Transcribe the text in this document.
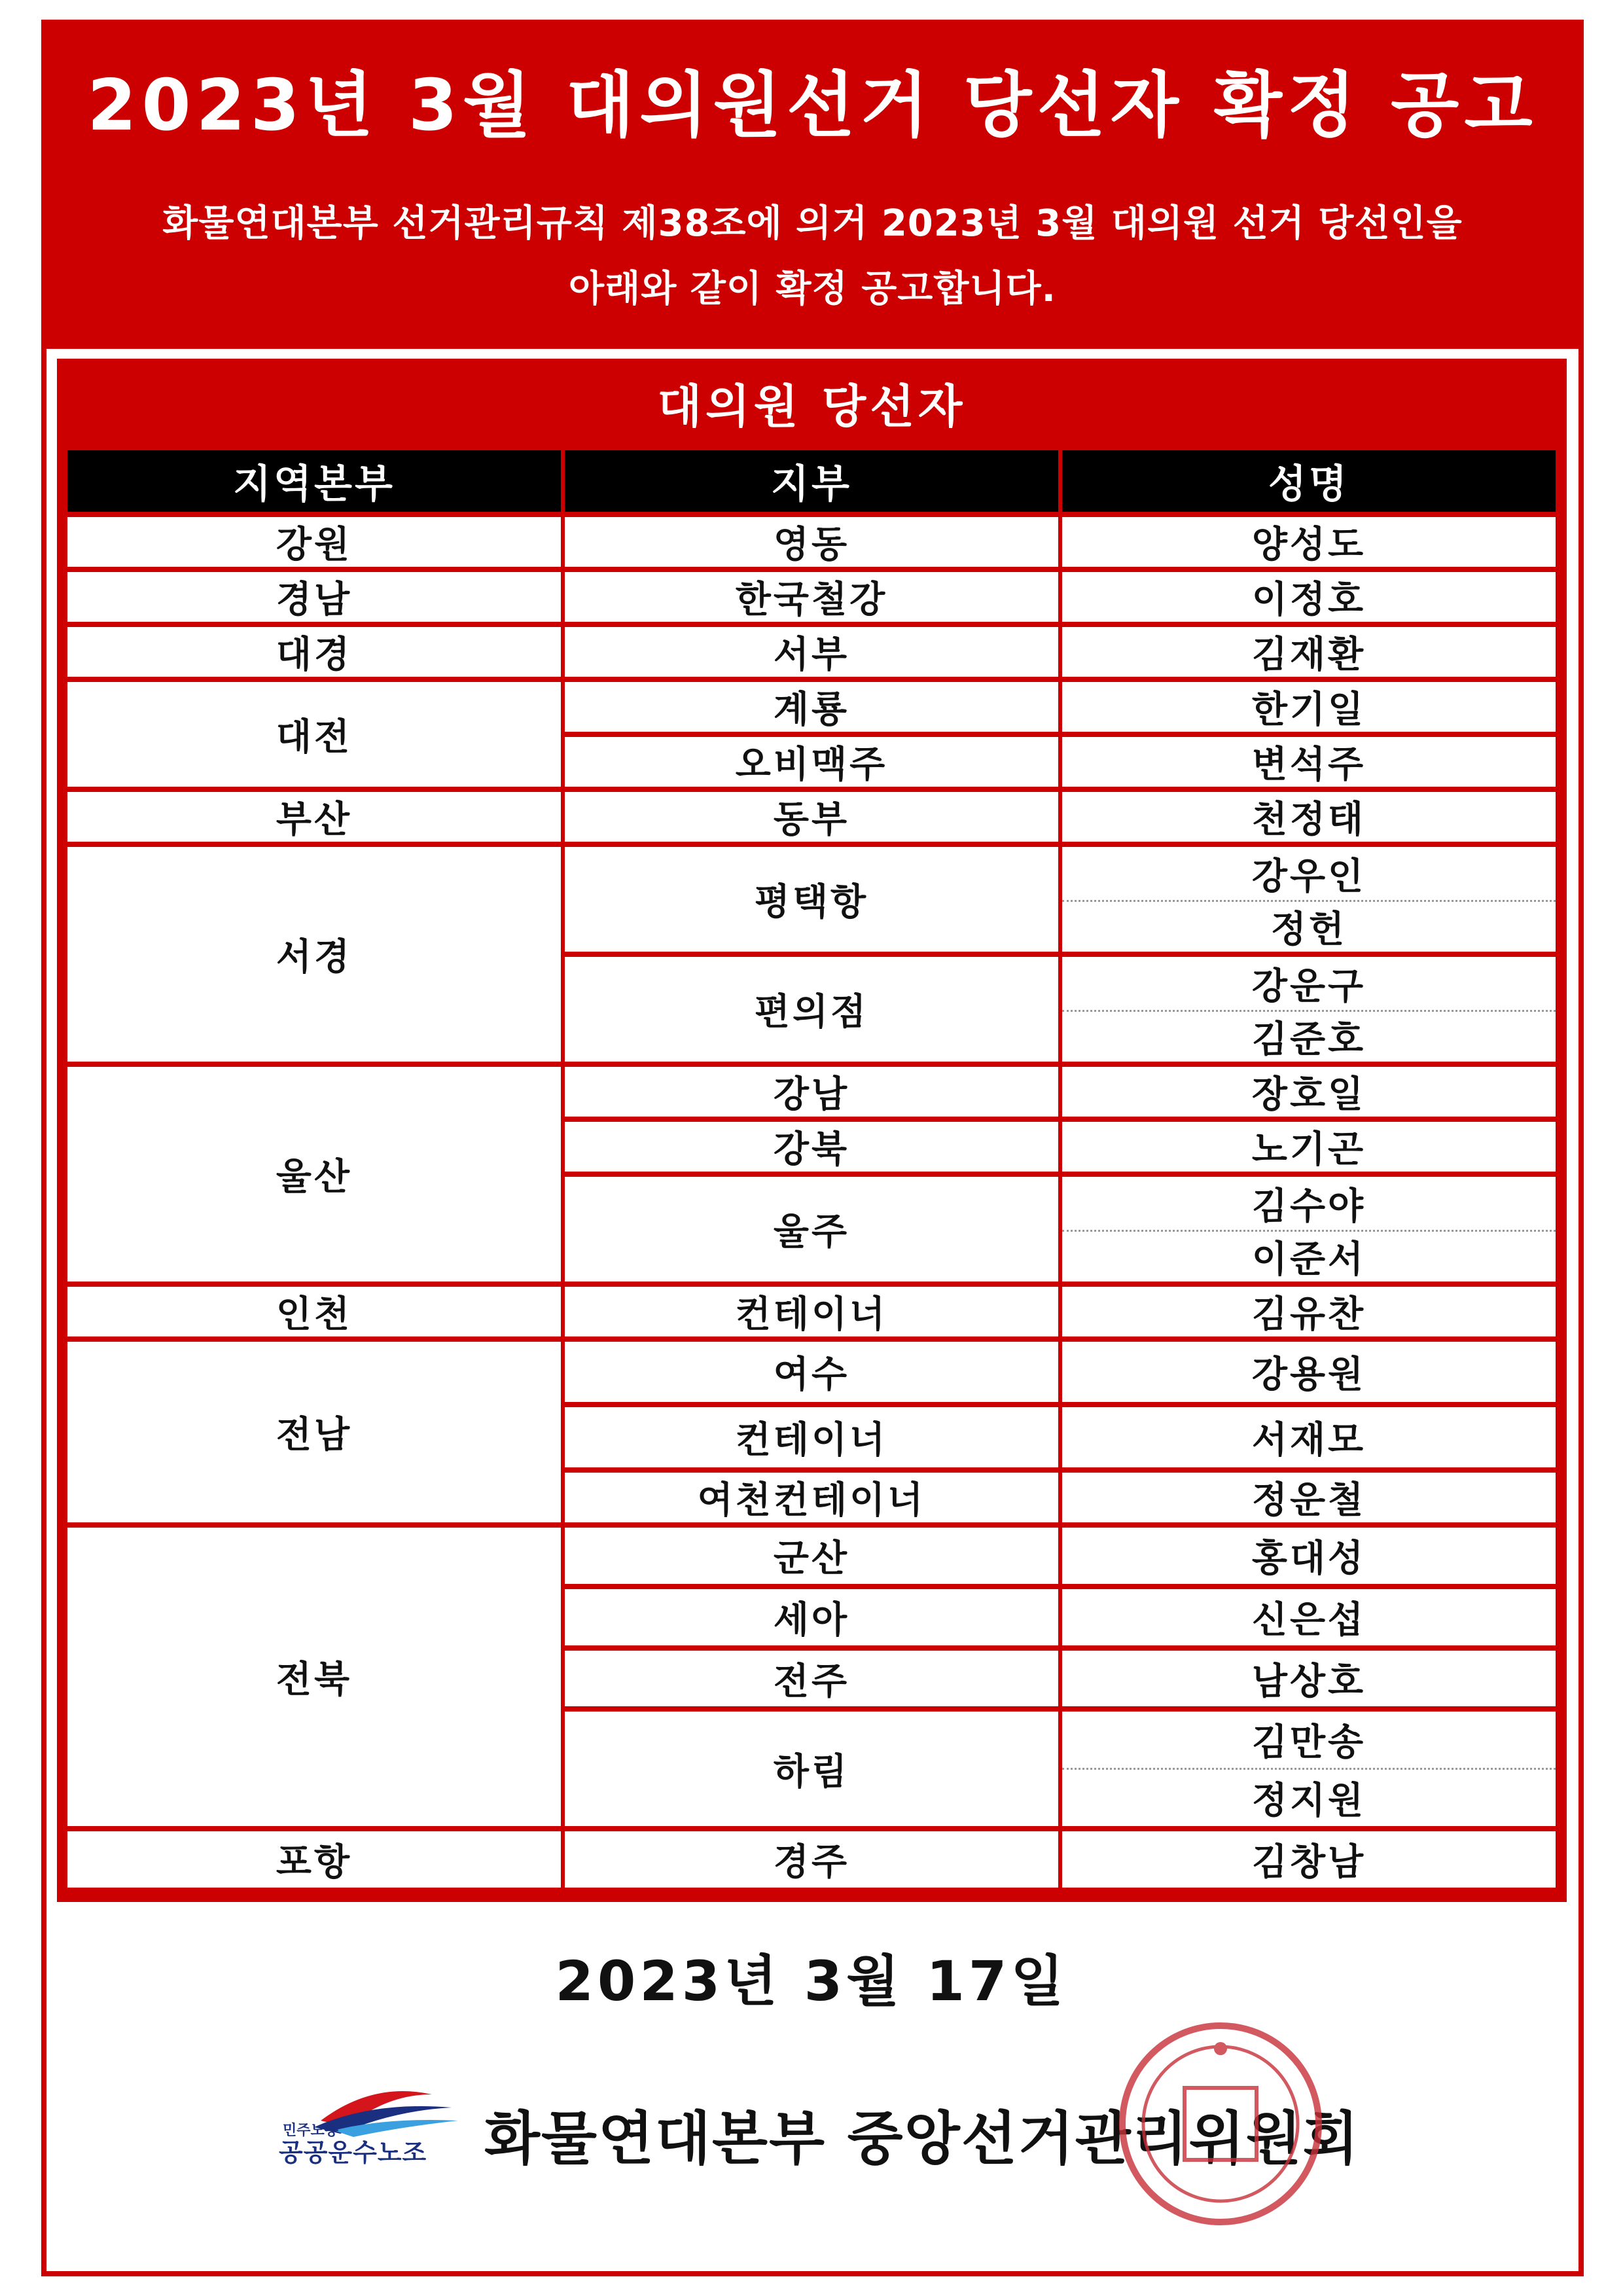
2023년 3월 대의원선거 당선자 확정 공고
화물연대본부 선거관리규칙 제38조에 의거 2023년 3월 대의원 선거 당선인을
아래와 같이 확정 공고합니다.
대의원 당선자
지역본부	지부	성명
강원
경남
대경
대전
부산
서경
울산
인천
전남
전북
포항
영동
한국철강
서부
계룡
오비맥주
동부
평택항
편의점
강남
강북
울주
컨테이너
여수
컨테이너
여천컨테이너
군산
세아
전주
하림
경주
양성도
이정호
김재환
한기일
변석주
천정태
강우인
정헌
강운구
김준호
장호일
노기곤
김수야
이준서
김유찬
강용원
서재모
정운철
홍대성
신은섭
남상호
김만송
정지원
김창남
2023년 3월 17일
민주노총
공공운수노조 화물연대본부 중앙선거관리위원회
